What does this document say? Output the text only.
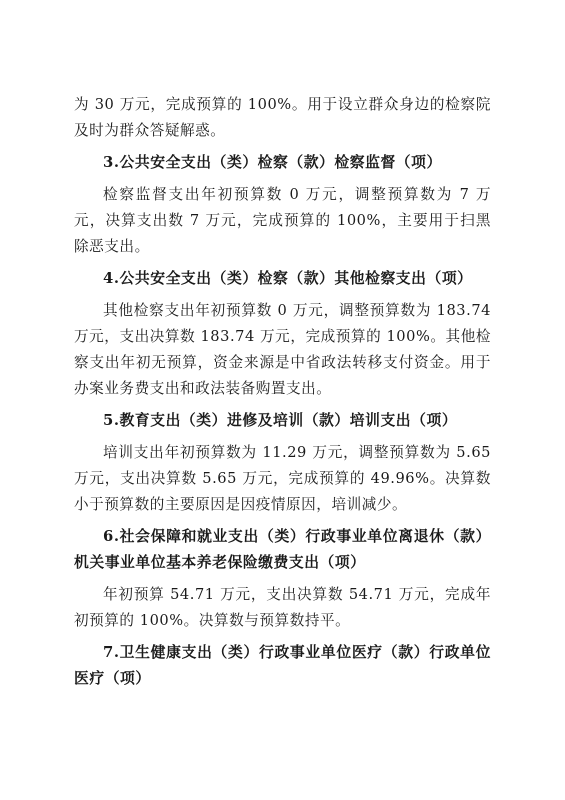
为 30 万元，完成预算的 100%。用于设立群众身边的检察院及时为群众答疑解惑。

3.公共安全支出（类）检察（款）检察监督（项）

检察监督支出年初预算数 0 万元，调整预算数为 7 万元，决算支出数 7 万元，完成预算的 100%，主要用于扫黑除恶支出。

4.公共安全支出（类）检察（款）其他检察支出（项）

其他检察支出年初预算数 0 万元，调整预算数为 183.74 万元，支出决算数 183.74 万元，完成预算的 100%。其他检察支出年初无预算，资金来源是中省政法转移支付资金。用于办案业务费支出和政法装备购置支出。

5.教育支出（类）进修及培训（款）培训支出（项）

培训支出年初预算数为 11.29 万元，调整预算数为 5.65 万元，支出决算数 5.65 万元，完成预算的 49.96%。决算数小于预算数的主要原因是因疫情原因，培训减少。

6.社会保障和就业支出（类）行政事业单位离退休（款）机关事业单位基本养老保险缴费支出（项）

年初预算 54.71 万元，支出决算数 54.71 万元，完成年初预算的 100%。决算数与预算数持平。

7.卫生健康支出（类）行政事业单位医疗（款）行政单位医疗（项）
